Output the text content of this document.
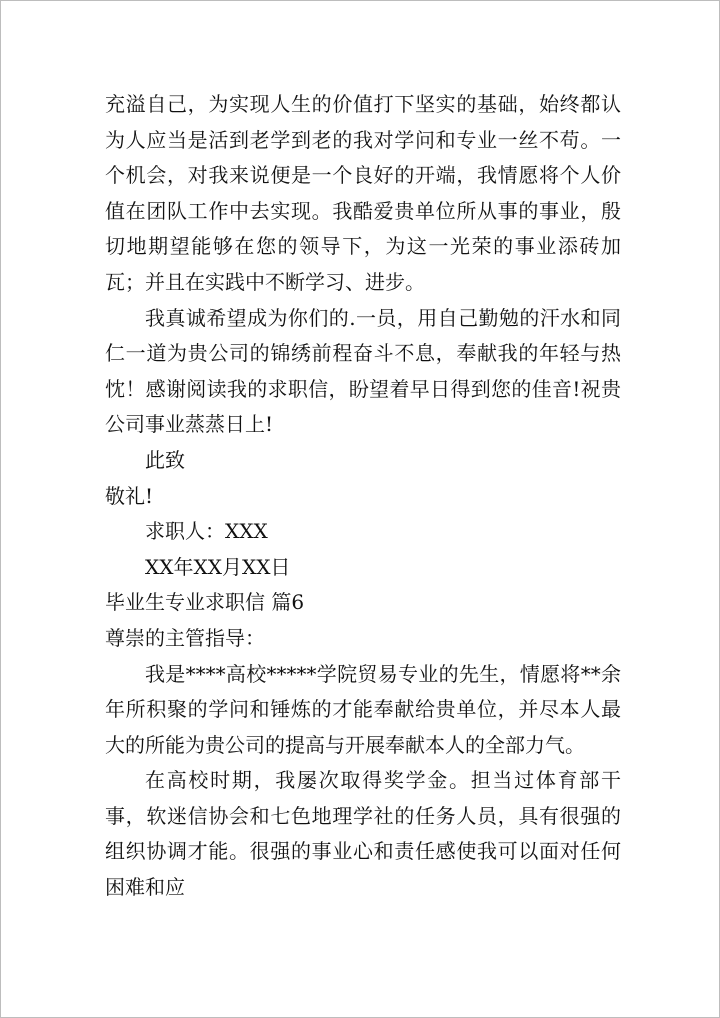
充溢自己，为实现人生的价值打下坚实的基础，始终都认为人应当是活到老学到老的我对学问和专业一丝不苟。一个机会，对我来说便是一个良好的开端，我情愿将个人价值在团队工作中去实现。我酷爱贵单位所从事的事业，殷切地期望能够在您的领导下，为这一光荣的事业添砖加瓦；并且在实践中不断学习、进步。

我真诚希望成为你们的.一员，用自己勤勉的汗水和同仁一道为贵公司的锦绣前程奋斗不息，奉献我的年轻与热忱！感谢阅读我的求职信，盼望着早日得到您的佳音!祝贵公司事业蒸蒸日上!

此致

敬礼!

求职人：XXX

XX年XX月XX日

毕业生专业求职信 篇6

尊崇的主管指导：

我是****高校*****学院贸易专业的先生，情愿将**余年所积聚的学问和锤炼的才能奉献给贵单位，并尽本人最大的所能为贵公司的提高与开展奉献本人的全部力气。

在高校时期，我屡次取得奖学金。担当过体育部干事，软迷信协会和七色地理学社的任务人员，具有很强的组织协调才能。很强的事业心和责任感使我可以面对任何困难和应
